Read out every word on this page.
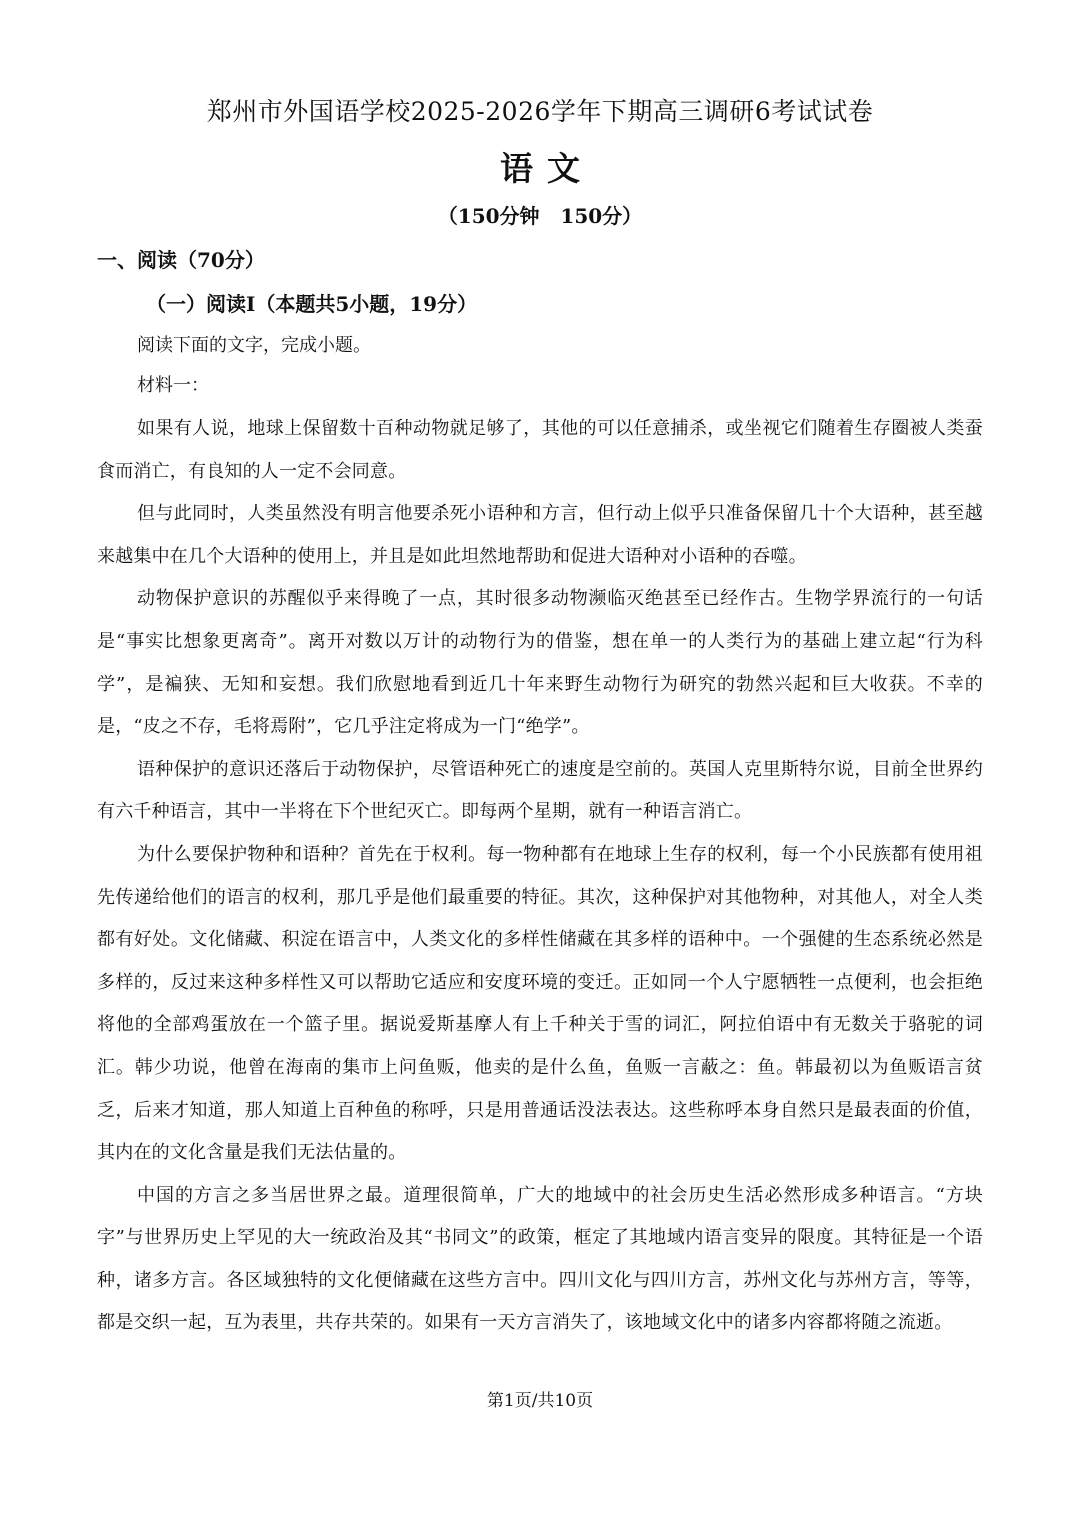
郑州市外国语学校2025-2026学年下期高三调研6考试试卷
语文
（150分钟   150分）
一、阅读（70分）
（一）阅读Ⅰ（本题共5小题，19分）
阅读下面的文字，完成小题。
材料一：

如果有人说，地球上保留数十百种动物就足够了，其他的可以任意捕杀，或坐视它们随着生存圈被人类蚕食而消亡，有良知的人一定不会同意。

但与此同时，人类虽然没有明言他要杀死小语种和方言，但行动上似乎只准备保留几十个大语种，甚至越来越集中在几个大语种的使用上，并且是如此坦然地帮助和促进大语种对小语种的吞噬。

动物保护意识的苏醒似乎来得晚了一点，其时很多动物濒临灭绝甚至已经作古。生物学界流行的一句话是“事实比想象更离奇”。离开对数以万计的动物行为的借鉴，想在单一的人类行为的基础上建立起“行为科学”，是褊狭、无知和妄想。我们欣慰地看到近几十年来野生动物行为研究的勃然兴起和巨大收获。不幸的是，“皮之不存，毛将焉附”，它几乎注定将成为一门“绝学”。

语种保护的意识还落后于动物保护，尽管语种死亡的速度是空前的。英国人克里斯特尔说，目前全世界约有六千种语言，其中一半将在下个世纪灭亡。即每两个星期，就有一种语言消亡。

为什么要保护物种和语种？首先在于权利。每一物种都有在地球上生存的权利，每一个小民族都有使用祖先传递给他们的语言的权利，那几乎是他们最重要的特征。其次，这种保护对其他物种，对其他人，对全人类都有好处。文化储藏、积淀在语言中，人类文化的多样性储藏在其多样的语种中。一个强健的生态系统必然是多样的，反过来这种多样性又可以帮助它适应和安度环境的变迁。正如同一个人宁愿牺牲一点便利，也会拒绝将他的全部鸡蛋放在一个篮子里。据说爱斯基摩人有上千种关于雪的词汇，阿拉伯语中有无数关于骆驼的词汇。韩少功说，他曾在海南的集市上问鱼贩，他卖的是什么鱼，鱼贩一言蔽之：鱼。韩最初以为鱼贩语言贫乏，后来才知道，那人知道上百种鱼的称呼，只是用普通话没法表达。这些称呼本身自然只是最表面的价值，其内在的文化含量是我们无法估量的。

中国的方言之多当居世界之最。道理很简单，广大的地域中的社会历史生活必然形成多种语言。“方块字”与世界历史上罕见的大一统政治及其“书同文”的政策，框定了其地域内语言变异的限度。其特征是一个语种，诸多方言。各区域独特的文化便储藏在这些方言中。四川文化与四川方言，苏州文化与苏州方言，等等，都是交织一起，互为表里，共存共荣的。如果有一天方言消失了，该地域文化中的诸多内容都将随之流逝。

第1页/共10页
